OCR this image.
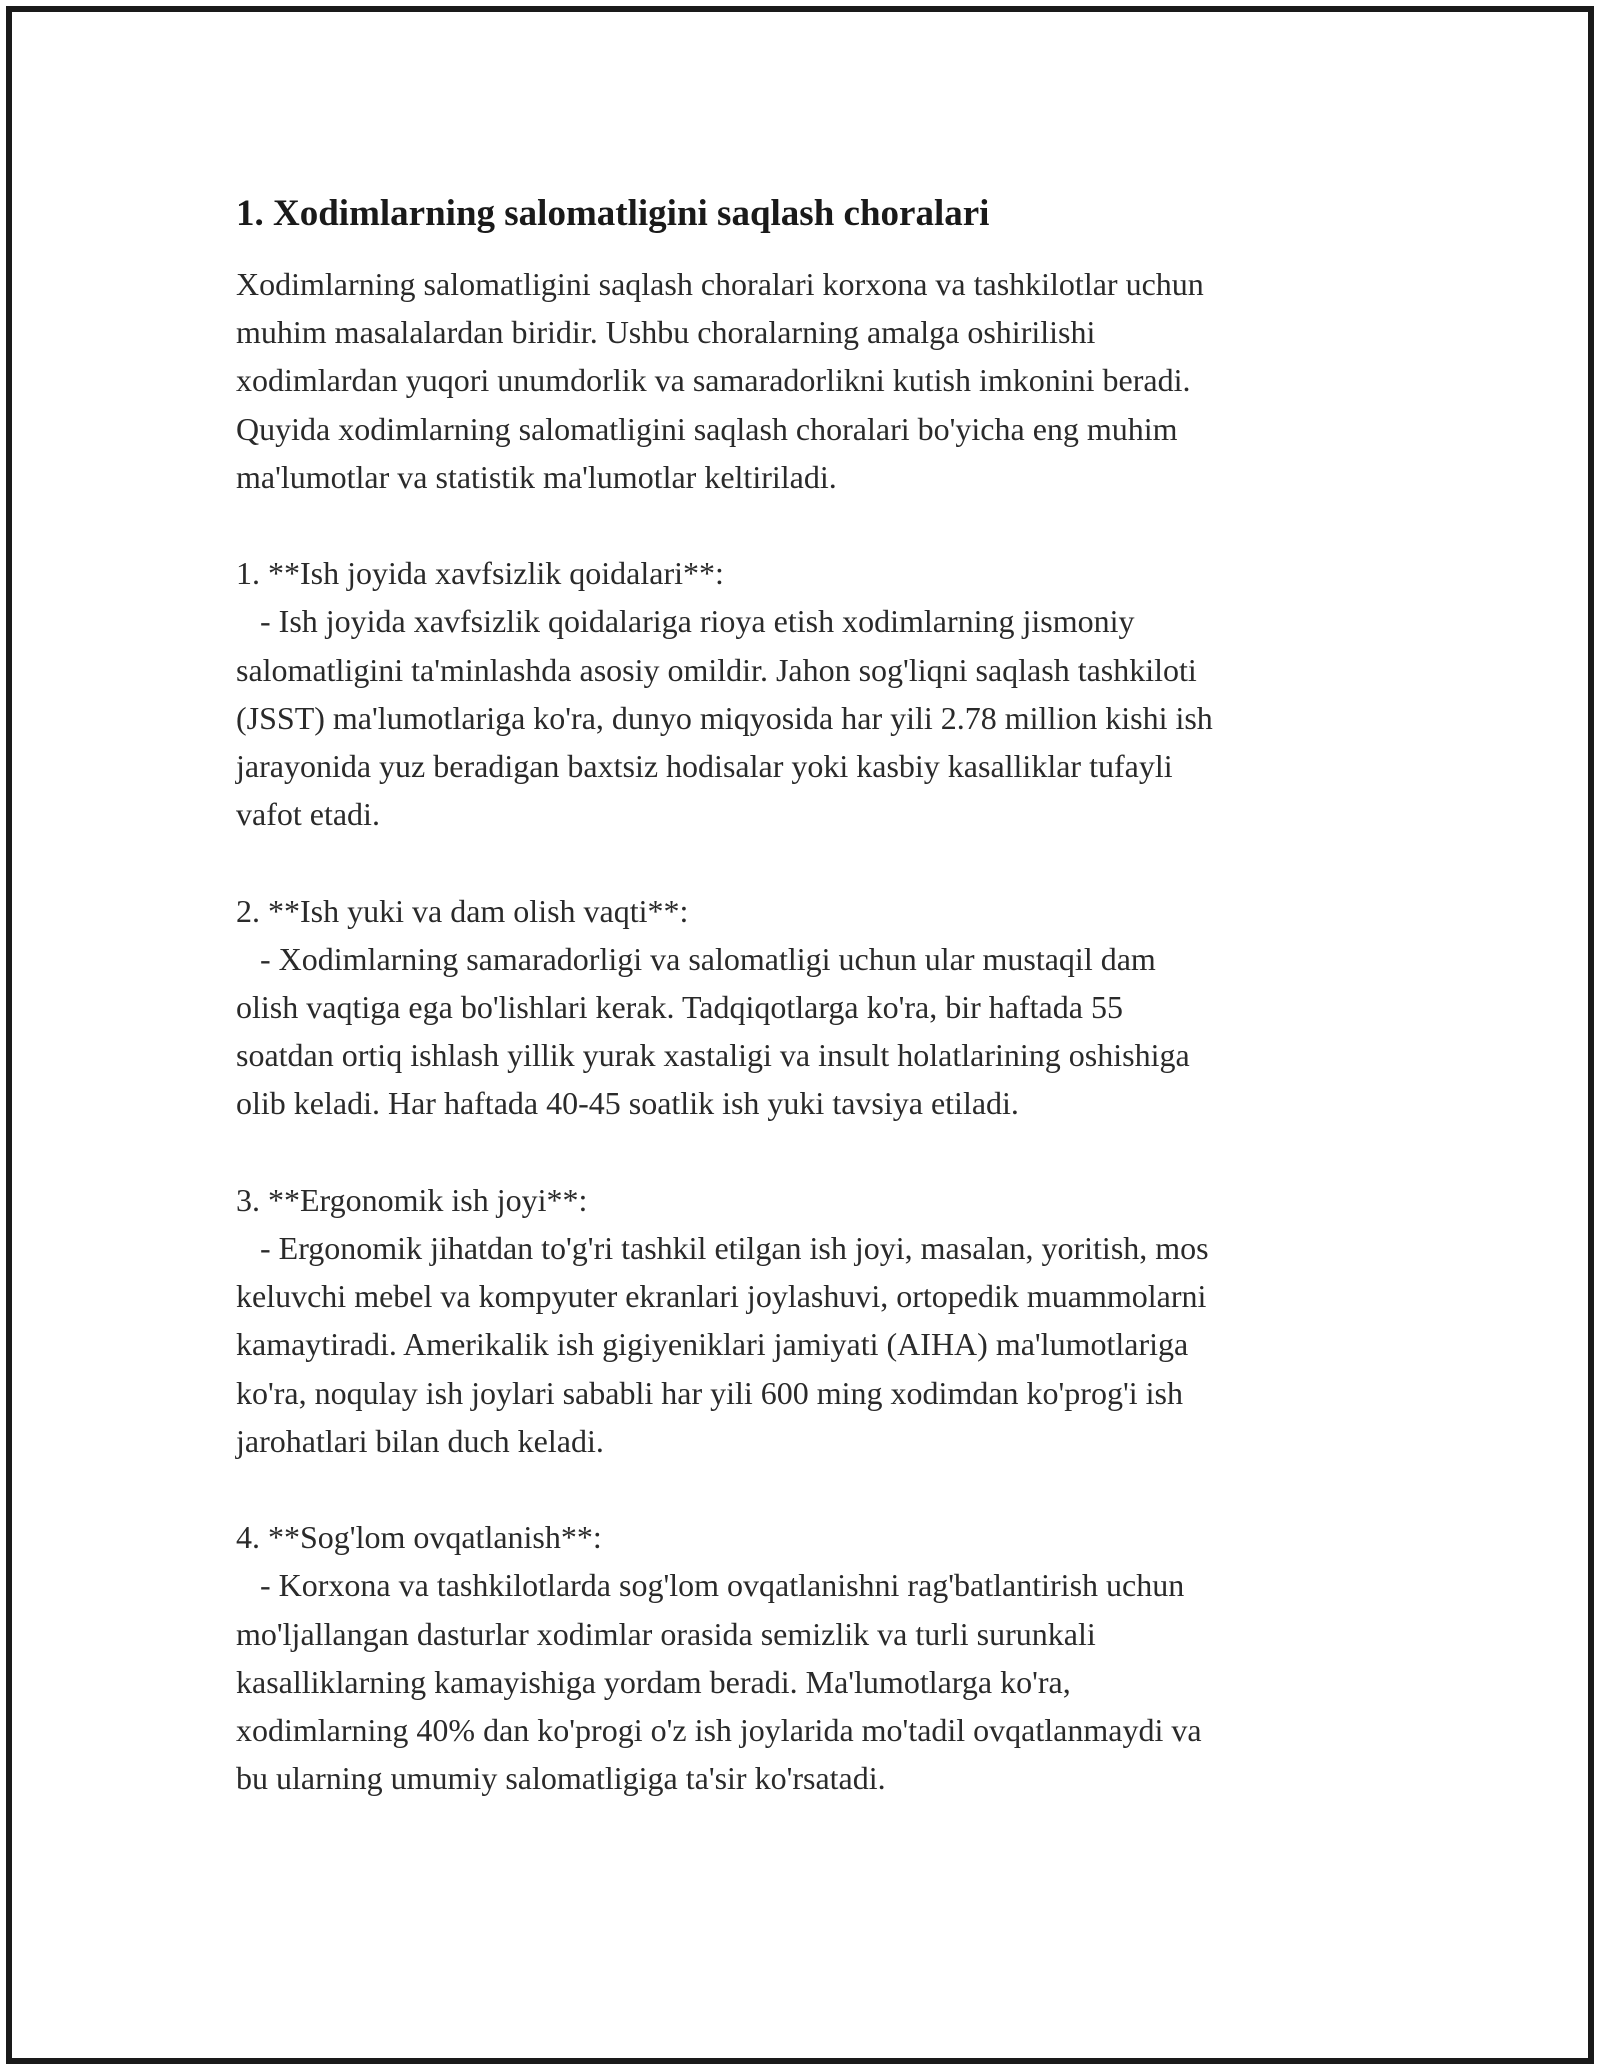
1. Xodimlarning salomatligini saqlash choralari
Xodimlarning salomatligini saqlash choralari korxona va tashkilotlar uchun
muhim masalalardan biridir. Ushbu choralarning amalga oshirilishi
xodimlardan yuqori unumdorlik va samaradorlikni kutish imkonini beradi.
Quyida xodimlarning salomatligini saqlash choralari bo'yicha eng muhim
ma'lumotlar va statistik ma'lumotlar keltiriladi.

1. **Ish joyida xavfsizlik qoidalari**:
- Ish joyida xavfsizlik qoidalariga rioya etish xodimlarning jismoniy
salomatligini ta'minlashda asosiy omildir. Jahon sog'liqni saqlash tashkiloti
(JSST) ma'lumotlariga ko'ra, dunyo miqyosida har yili 2.78 million kishi ish
jarayonida yuz beradigan baxtsiz hodisalar yoki kasbiy kasalliklar tufayli
vafot etadi.

2. **Ish yuki va dam olish vaqti**:
- Xodimlarning samaradorligi va salomatligi uchun ular mustaqil dam
olish vaqtiga ega bo'lishlari kerak. Tadqiqotlarga ko'ra, bir haftada 55
soatdan ortiq ishlash yillik yurak xastaligi va insult holatlarining oshishiga
olib keladi. Har haftada 40-45 soatlik ish yuki tavsiya etiladi.

3. **Ergonomik ish joyi**:
- Ergonomik jihatdan to'g'ri tashkil etilgan ish joyi, masalan, yoritish, mos
keluvchi mebel va kompyuter ekranlari joylashuvi, ortopedik muammolarni
kamaytiradi. Amerikalik ish gigiyeniklari jamiyati (AIHA) ma'lumotlariga
ko'ra, noqulay ish joylari sababli har yili 600 ming xodimdan ko'prog'i ish
jarohatlari bilan duch keladi.

4. **Sog'lom ovqatlanish**:
- Korxona va tashkilotlarda sog'lom ovqatlanishni rag'batlantirish uchun
mo'ljallangan dasturlar xodimlar orasida semizlik va turli surunkali
kasalliklarning kamayishiga yordam beradi. Ma'lumotlarga ko'ra,
xodimlarning 40% dan ko'progi o'z ish joylarida mo'tadil ovqatlanmaydi va
bu ularning umumiy salomatligiga ta'sir ko'rsatadi.
